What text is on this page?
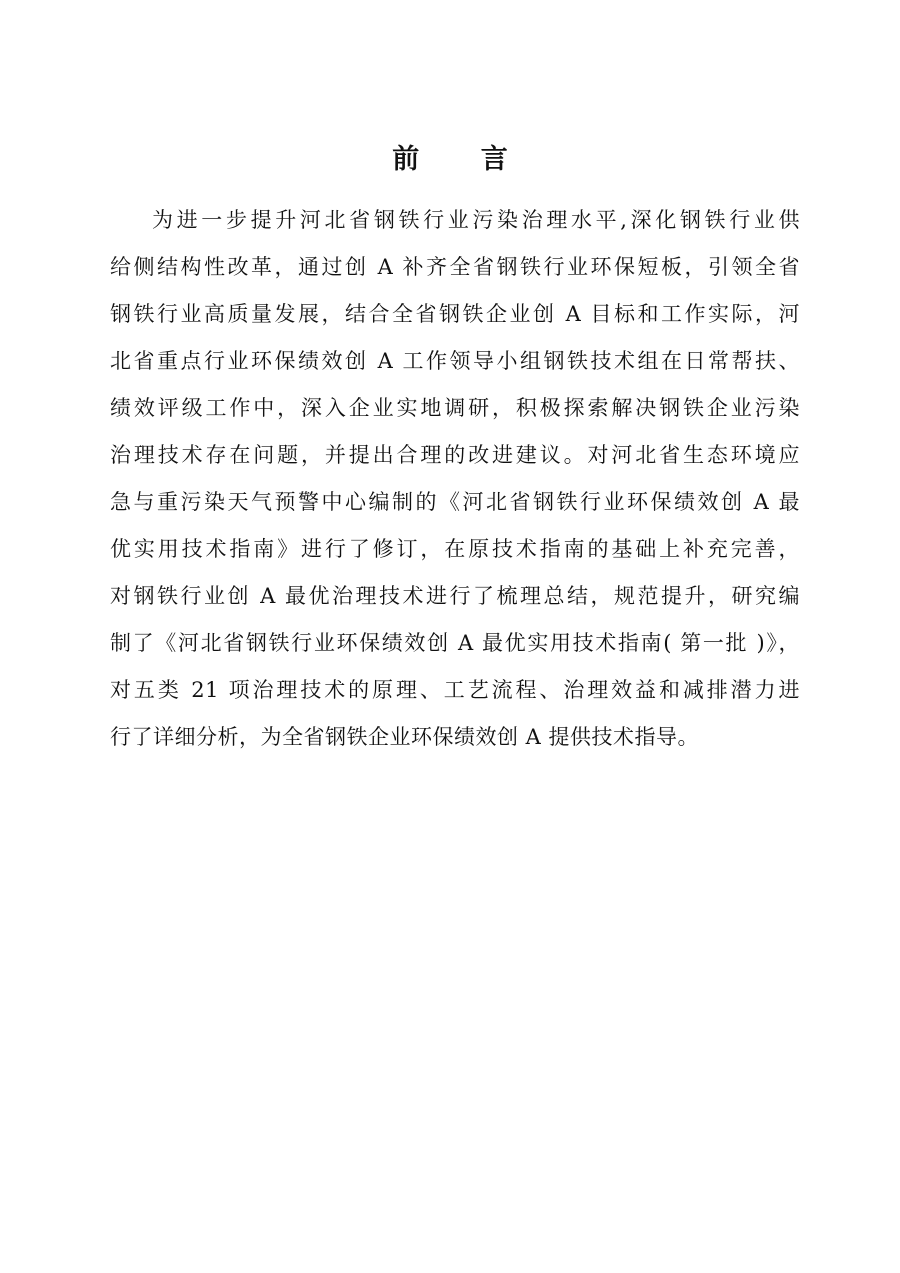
前 言
为进一步提升河北省钢铁行业污染治理水平,深化钢铁行业供
给侧结构性改革，通过创 A 补齐全省钢铁行业环保短板，引领全省
钢铁行业高质量发展，结合全省钢铁企业创 A 目标和工作实际，河
北省重点行业环保绩效创 A 工作领导小组钢铁技术组在日常帮扶、
绩效评级工作中，深入企业实地调研，积极探索解决钢铁企业污染
治理技术存在问题，并提出合理的改进建议。对河北省生态环境应
急与重污染天气预警中心编制的《河北省钢铁行业环保绩效创 A 最
优实用技术指南》进行了修订，在原技术指南的基础上补充完善，
对钢铁行业创 A 最优治理技术进行了梳理总结，规范提升，研究编
制了《河北省钢铁行业环保绩效创 A 最优实用技术指南( 第一批 )》，
对五类 21 项治理技术的原理、工艺流程、治理效益和减排潜力进
行了详细分析，为全省钢铁企业环保绩效创 A 提供技术指导。
